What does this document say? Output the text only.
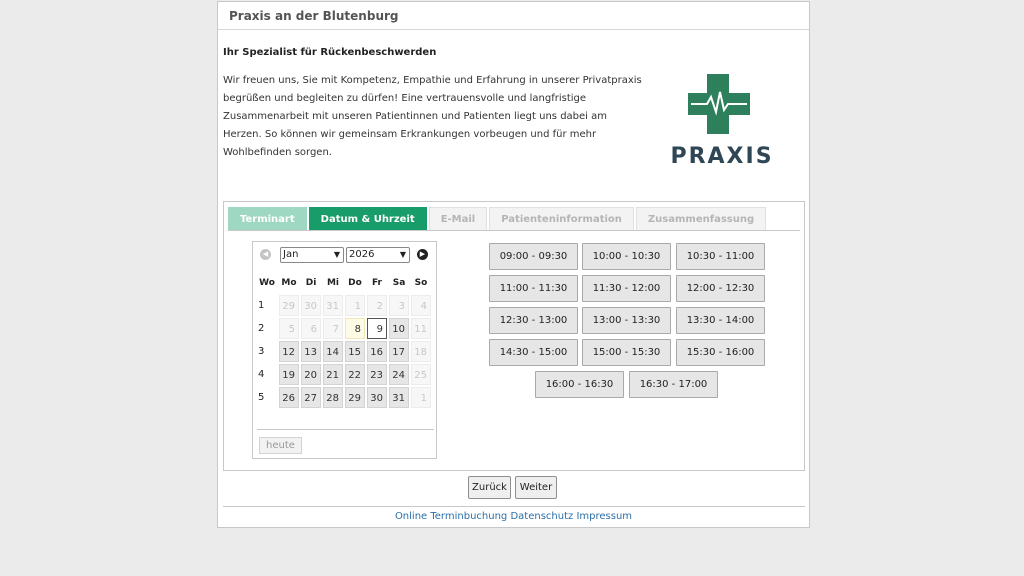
Praxis an der Blutenburg
Ihr Spezialist für Rückenbeschwerden
Wir freuen uns, Sie mit Kompetenz, Empathie und Erfahrung in unserer Privatpraxis begrüßen und begleiten zu dürfen! Eine vertrauensvolle und langfristige Zusammenarbeit mit unseren Patientinnen und Patienten liegt uns dabei am Herzen. So können wir gemeinsam Erkrankungen vorbeugen und für mehr Wohlbefinden sorgen.	PRAXIS
Terminart	Datum & Uhrzeit	E-Mail	Patienteninformation	Zusammenfassung
◀	Jan	▼ 2026	▼	▶
Wo	Mo	Di	Mi	Do	Fr	Sa	So
1	29	30	31	1	2	3	4

2	5	6	7	8	9	10	11

3	12	13	14	15	16	17	18

4	19	20	21	22	23	24	25

5	26	27	28	29	30	31	1
heute
09:00 - 09:30	10:00 - 10:30	10:30 - 11:00
11:00 - 11:30	11:30 - 12:00	12:00 - 12:30
12:30 - 13:00	13:00 - 13:30	13:30 - 14:00
14:30 - 15:00	15:00 - 15:30	15:30 - 16:00
16:00 - 16:30	16:30 - 17:00
Zurück	Weiter
Online Terminbuchung Datenschutz Impressum
